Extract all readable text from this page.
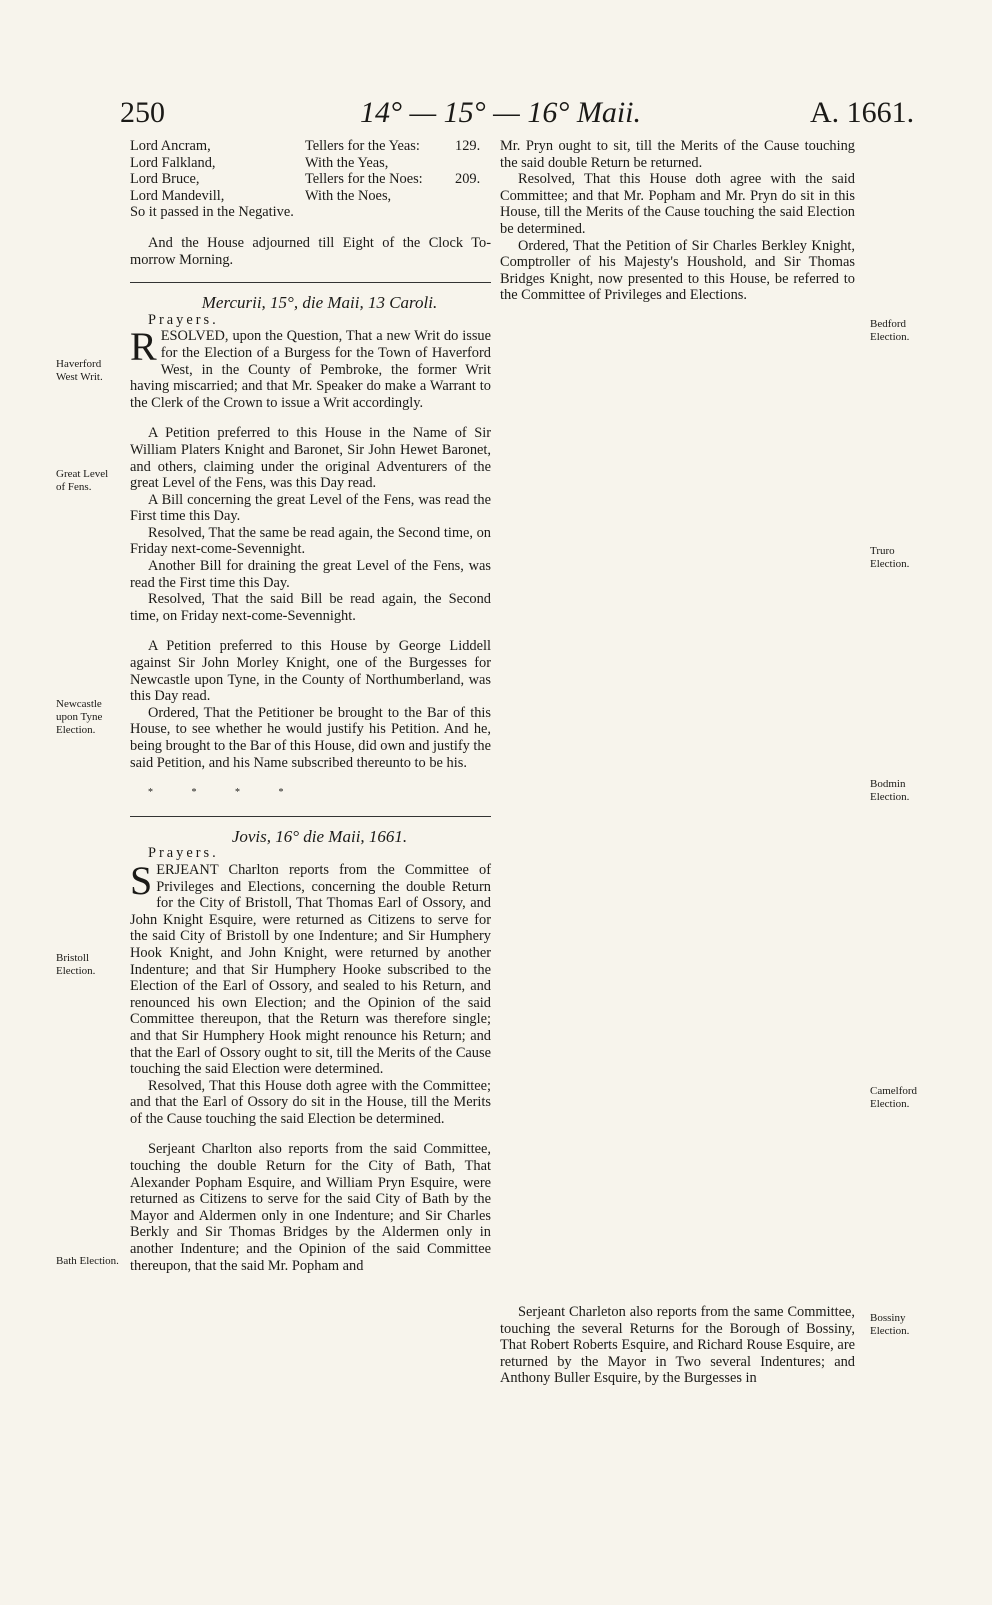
250	14° — 15° — 16° Maii.	A. 1661.
Haverford West Writ.
Great Level of Fens.
Newcastle upon Tyne Election.
Bristoll Election.
Bath Election.
Bedford Election.
Truro Election.
Bodmin Election.
Camelford Election.
Bossiny Election.
Lord Ancram,	Tellers for the Yeas:	129.
Lord Falkland,	With the Yeas,
Lord Bruce,	Tellers for the Noes:	209.
Lord Mandevill,	With the Noes,
So it passed in the Negative.

And the House adjourned till Eight of the Clock To-morrow Morning.

Mercurii, 15°, die Maii, 13 Caroli.

Prayers.

RESOLVED, upon the Question, That a new Writ do issue for the Election of a Burgess for the Town of Haverford West, in the County of Pembroke, the former Writ having miscarried; and that Mr. Speaker do make a Warrant to the Clerk of the Crown to issue a Writ accordingly.

A Petition preferred to this House in the Name of Sir William Platers Knight and Baronet, Sir John Hewet Baronet, and others, claiming under the original Adventurers of the great Level of the Fens, was this Day read.

A Bill concerning the great Level of the Fens, was read the First time this Day.

Resolved, That the same be read again, the Second time, on Friday next-come-Sevennight.

Another Bill for draining the great Level of the Fens, was read the First time this Day.

Resolved, That the said Bill be read again, the Second time, on Friday next-come-Sevennight.

A Petition preferred to this House by George Liddell against Sir John Morley Knight, one of the Burgesses for Newcastle upon Tyne, in the County of Northumberland, was this Day read.

Ordered, That the Petitioner be brought to the Bar of this House, to see whether he would justify his Petition. And he, being brought to the Bar of this House, did own and justify the said Petition, and his Name subscribed thereunto to be his.

* * * *

Jovis, 16° die Maii, 1661.

Prayers.

SERJEANT Charlton reports from the Committee of Privileges and Elections, concerning the double Return for the City of Bristoll, That Thomas Earl of Ossory, and John Knight Esquire, were returned as Citizens to serve for the said City of Bristoll by one Indenture; and Sir Humphery Hook Knight, and John Knight, were returned by another Indenture; and that Sir Humphery Hooke subscribed to the Election of the Earl of Ossory, and sealed to his Return, and renounced his own Election; and the Opinion of the said Committee thereupon, that the Return was therefore single; and that Sir Humphery Hook might renounce his Return; and that the Earl of Ossory ought to sit, till the Merits of the Cause touching the said Election were determined.

Resolved, That this House doth agree with the Committee; and that the Earl of Ossory do sit in the House, till the Merits of the Cause touching the said Election be determined.

Serjeant Charlton also reports from the said Committee, touching the double Return for the City of Bath, That Alexander Popham Esquire, and William Pryn Esquire, were returned as Citizens to serve for the said City of Bath by the Mayor and Aldermen only in one Indenture; and Sir Charles Berkly and Sir Thomas Bridges by the Aldermen only in another Indenture; and the Opinion of the said Committee thereupon, that the said Mr. Popham and

Mr. Pryn ought to sit, till the Merits of the Cause touching the said double Return be returned.

Resolved, That this House doth agree with the said Committee; and that Mr. Popham and Mr. Pryn do sit in this House, till the Merits of the Cause touching the said Election be determined.

Ordered, That the Petition of Sir Charles Berkley Knight, Comptroller of his Majesty's Houshold, and Sir Thomas Bridges Knight, now presented to this House, be referred to the Committee of Privileges and Elections.

Serjeant Charleton also reports from the same Committee, touching the several Returns for the Borough of Bossiny, That Robert Roberts Esquire, and Richard Rouse Esquire, are returned by the Mayor in Two several Indentures; and Anthony Buller Esquire, by the Burgesses in
